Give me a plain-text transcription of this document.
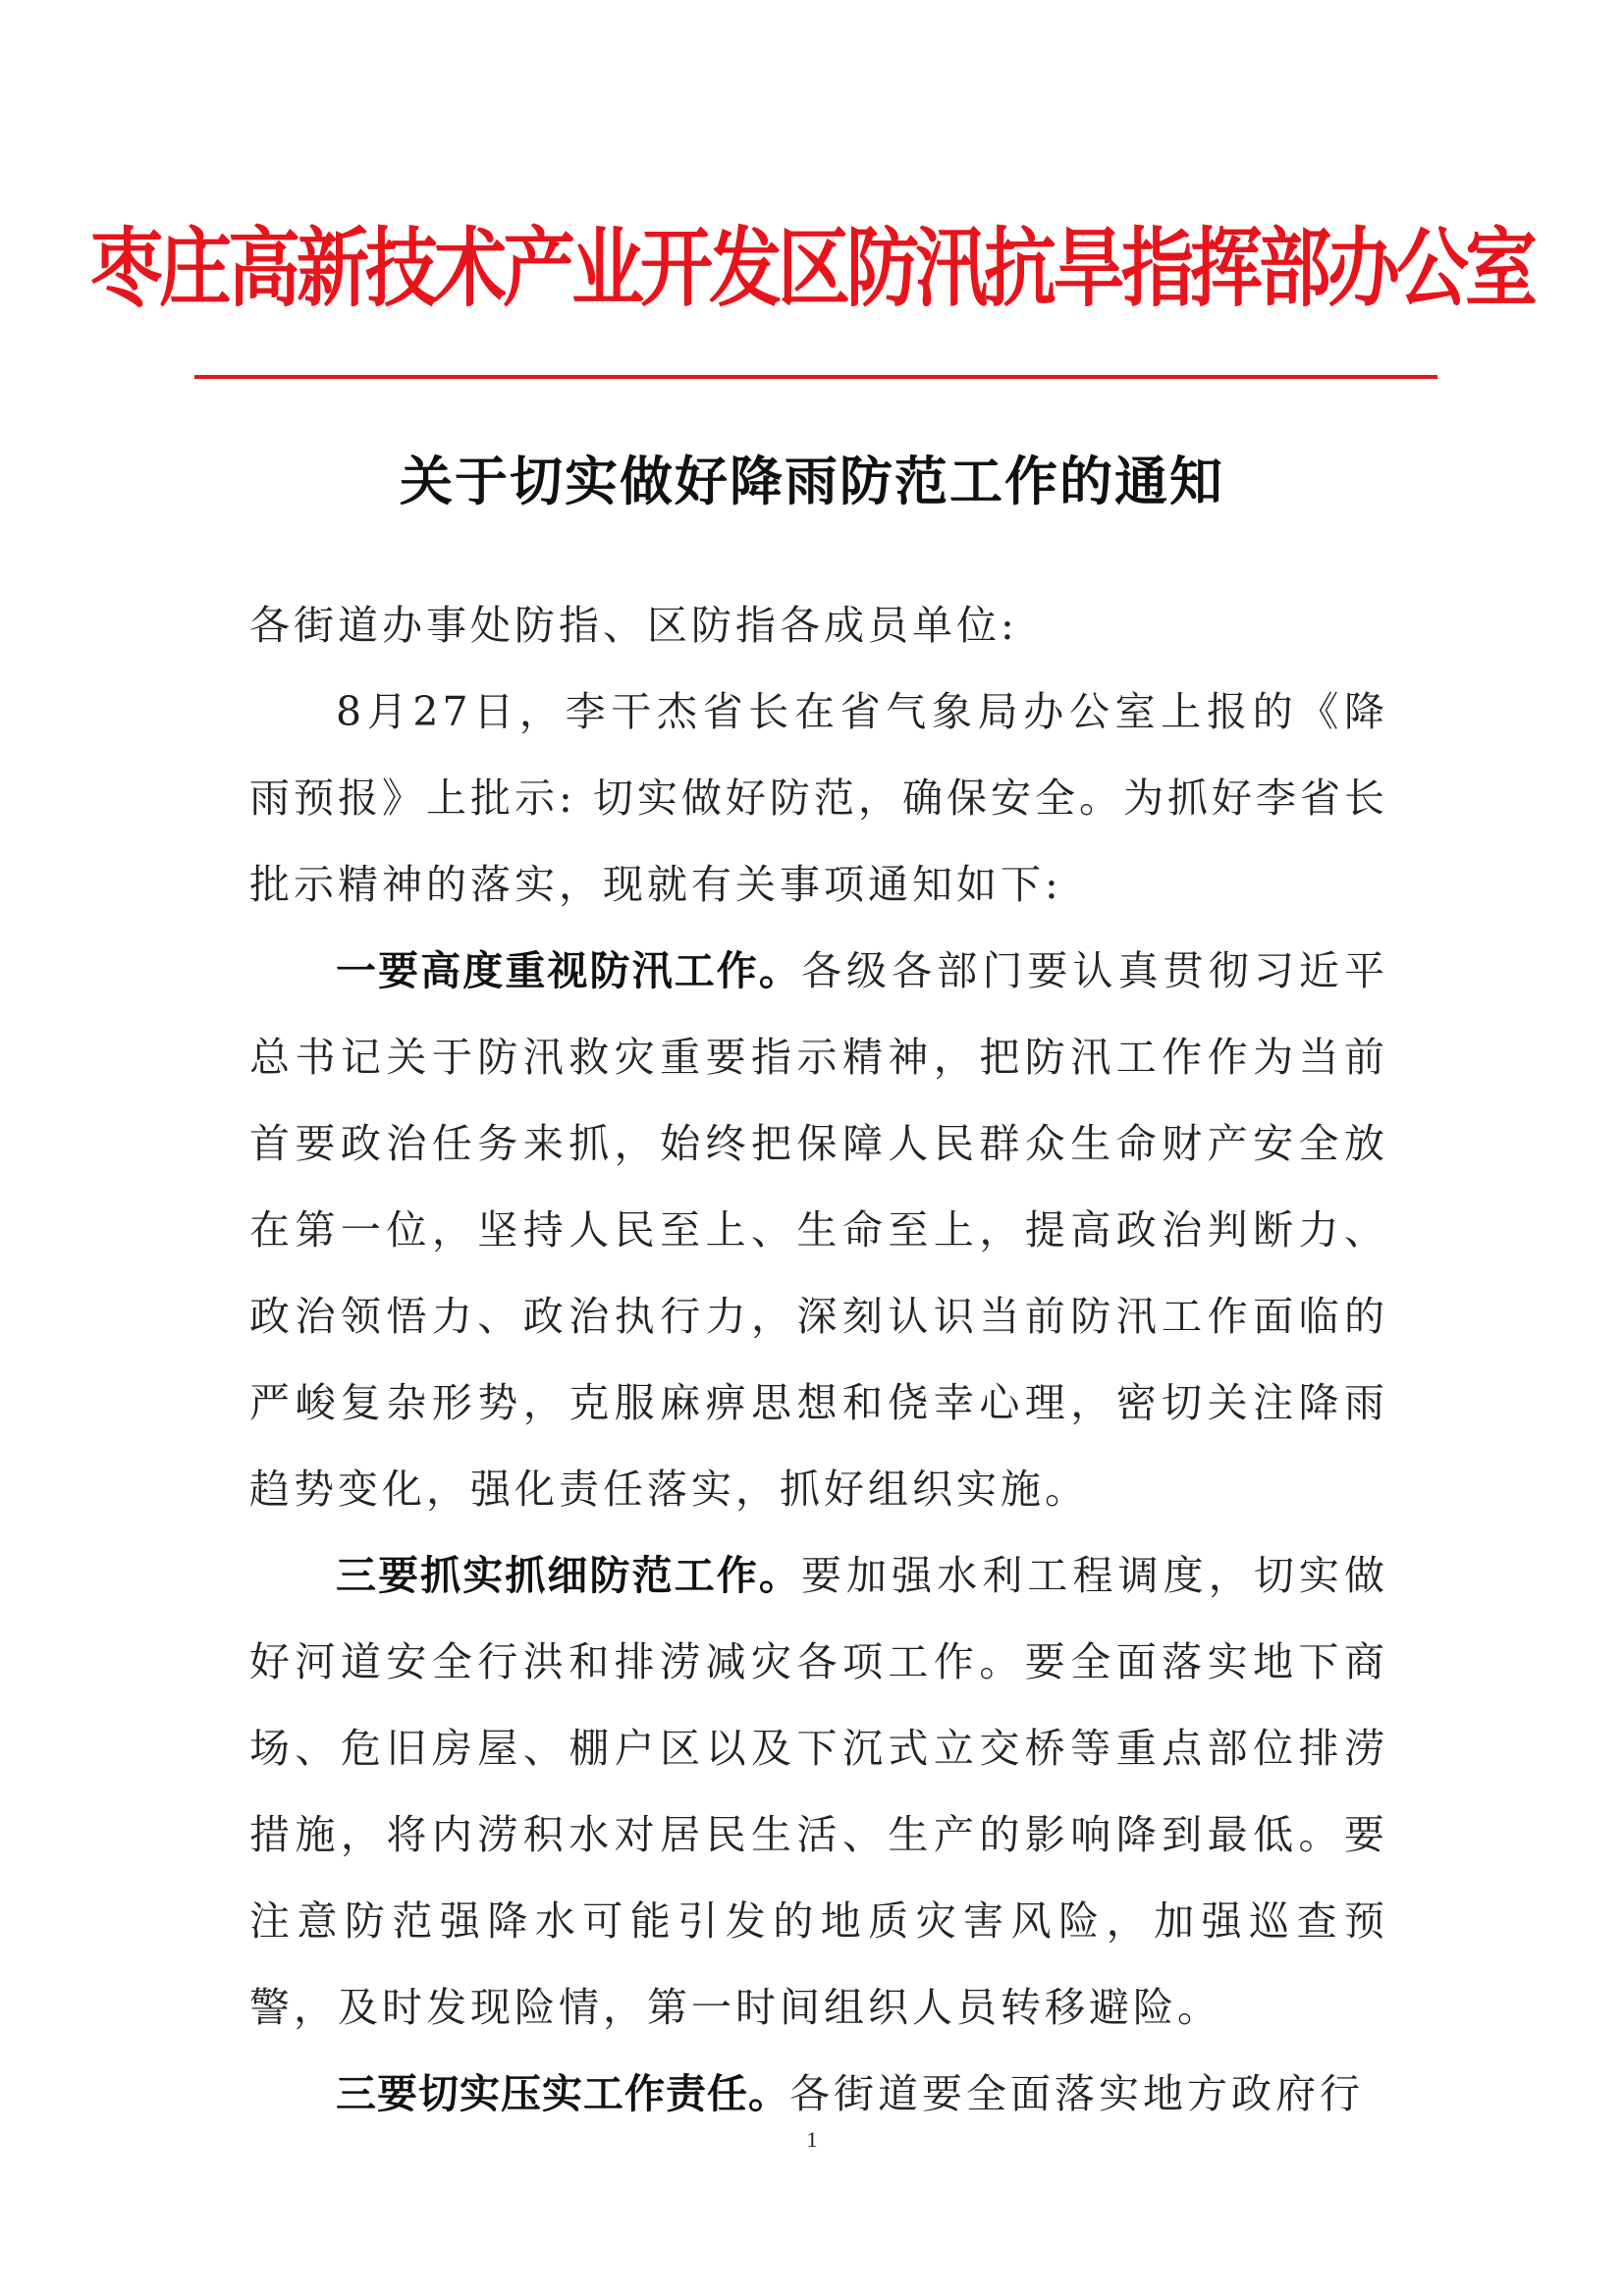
枣庄高新技术产业开发区防汛抗旱指挥部办公室
关于切实做好降雨防范工作的通知

各街道办事处防指、区防指各成员单位:

8月27日，李干杰省长在省气象局办公室上报的《降雨预报》上批示: 切实做好防范，确保安全。为抓好李省长批示精神的落实，现就有关事项通知如下:

一要高度重视防汛工作。各级各部门要认真贯彻习近平总书记关于防汛救灾重要指示精神，把防汛工作作为当前首要政治任务来抓，始终把保障人民群众生命财产安全放在第一位，坚持人民至上、生命至上，提高政治判断力、政治领悟力、政治执行力，深刻认识当前防汛工作面临的严峻复杂形势，克服麻痹思想和侥幸心理，密切关注降雨趋势变化，强化责任落实，抓好组织实施。

三要抓实抓细防范工作。要加强水利工程调度，切实做好河道安全行洪和排涝减灾各项工作。要全面落实地下商场、危旧房屋、棚户区以及下沉式立交桥等重点部位排涝措施，将内涝积水对居民生活、生产的影响降到最低。要注意防范强降水可能引发的地质灾害风险，加强巡查预警，及时发现险情，第一时间组织人员转移避险。

三要切实压实工作责任。各街道要全面落实地方政府行

1
